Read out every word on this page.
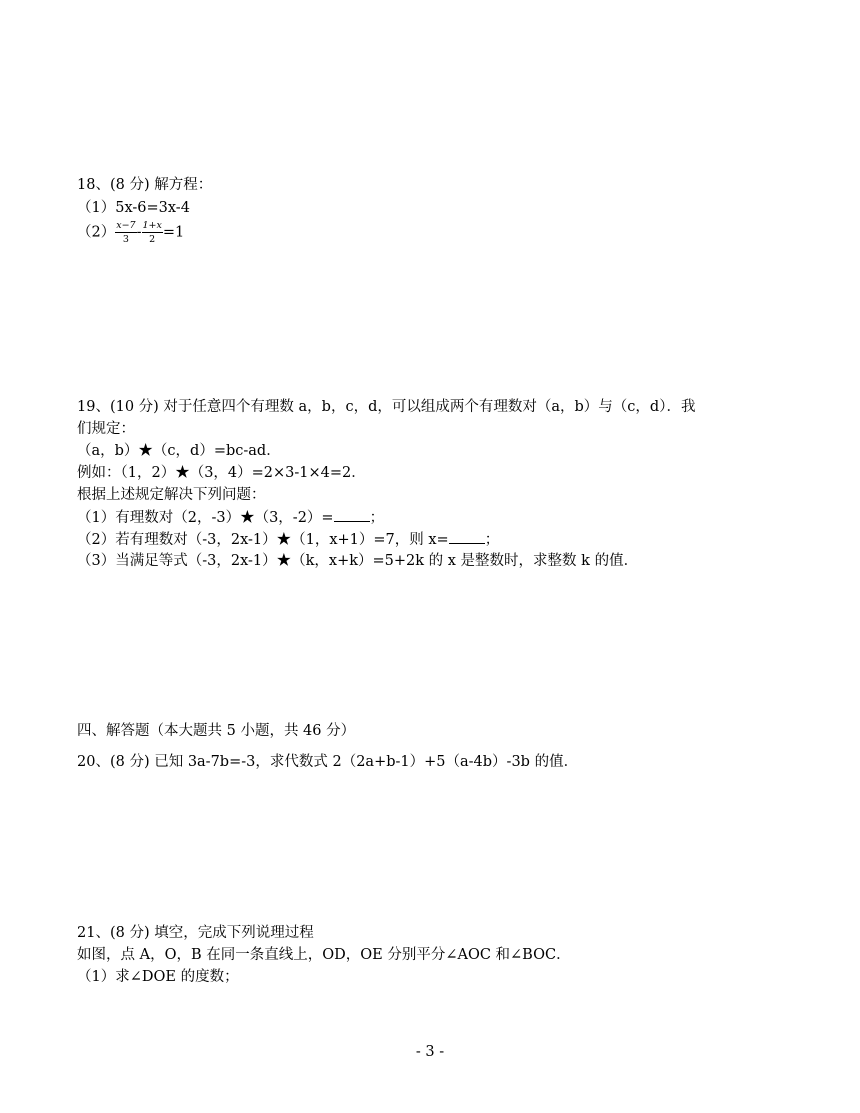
18、(8 分) 解方程：
（1）5x-6=3x-4
$(2) \frac{x-7}{3} - \frac{1+x}{2} =1$
19、(10 分) 对于任意四个有理数 a，b，c，d，可以组成两个有理数对（a，b）与（c，d）．我
们规定：
（a，b）★（c，d）=bc-ad．
例如：（1，2）★（3，4）=2×3-1×4=2．
根据上述规定解决下列问题：
（1）有理数对（2，-3）★（3，-2）= ；
（2）若有理数对（-3，2x-1）★（1，x+1）=7，则 x= ；
（3）当满足等式（-3，2x-1）★（k，x+k）=5+2k 的 x 是整数时，求整数 k 的值．
四、解答题（本大题共 5 小题，共 46 分）
20、(8 分) 已知 3a-7b=-3，求代数式 2（2a+b-1）+5（a-4b）-3b 的值．
21、(8 分) 填空，完成下列说理过程
如图，点 A，O，B 在同一条直线上，OD，OE 分别平分∠AOC 和∠BOC．
（1）求∠DOE 的度数；
- 3 -
